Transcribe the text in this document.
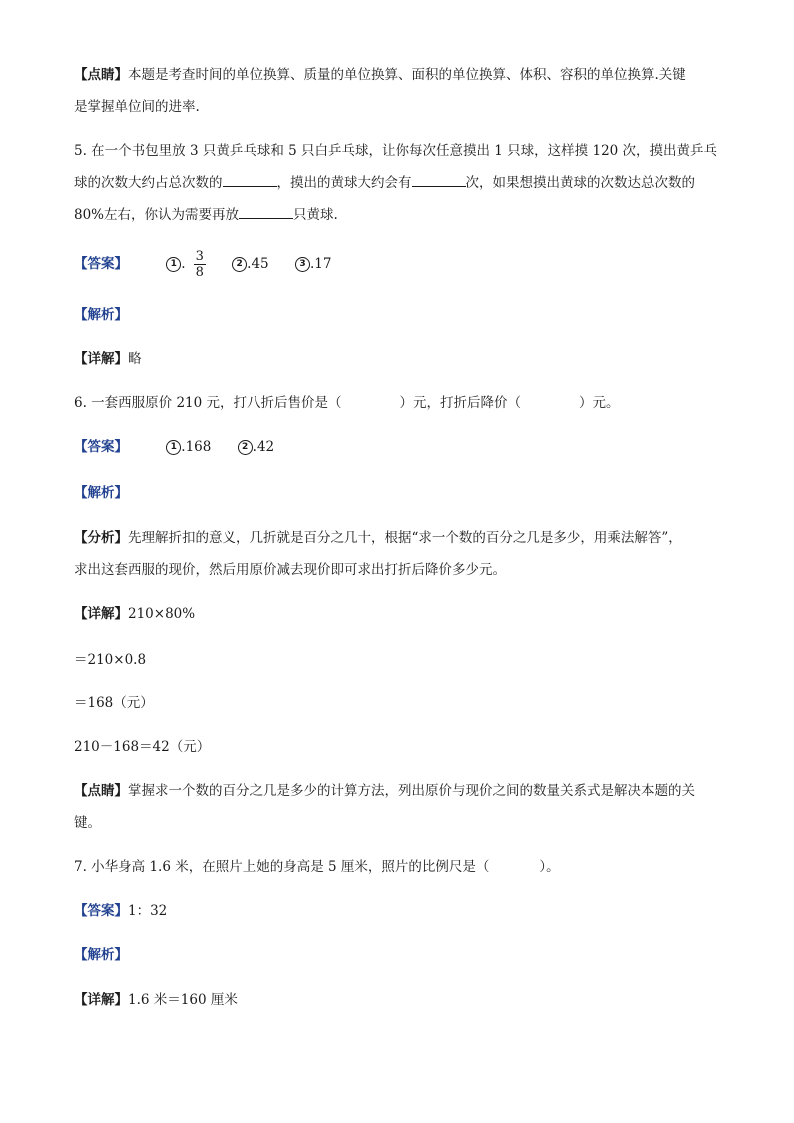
【点睛】本题是考查时间的单位换算、质量的单位换算、面积的单位换算、体积、容积的单位换算.关键
是掌握单位间的进率.
5. 在一个书包里放 3 只黄乒乓球和 5 只白乒乓球，让你每次任意摸出 1 只球，这样摸 120 次，摸出黄乒乓
球的次数大约占总次数的	，摸出的黄球大约会有	次，如果想摸出黄球的次数达总次数的
80%左右，你认为需要再放	只黄球.
【答案】	1 . $\frac{3}{8}$	2 .45	3 .17
【解析】
【详解】略
6. 一套西服原价 210 元，打八折后售价是（	）元，打折后降价（	）元。
【答案】	1 .168	2 .42
【解析】
【分析】先理解折扣的意义，几折就是百分之几十，根据“求一个数的百分之几是多少，用乘法解答”，
求出这套西服的现价，然后用原价减去现价即可求出打折后降价多少元。
【详解】210×80%
＝210×0.8
＝168（元）
210－168＝42（元）
【点睛】掌握求一个数的百分之几是多少的计算方法，列出原价与现价之间的数量关系式是解决本题的关
键。
7. 小华身高 1.6 米，在照片上她的身高是 5 厘米，照片的比例尺是（	）。
【答案】1：32
【解析】
【详解】1.6 米＝160 厘米
